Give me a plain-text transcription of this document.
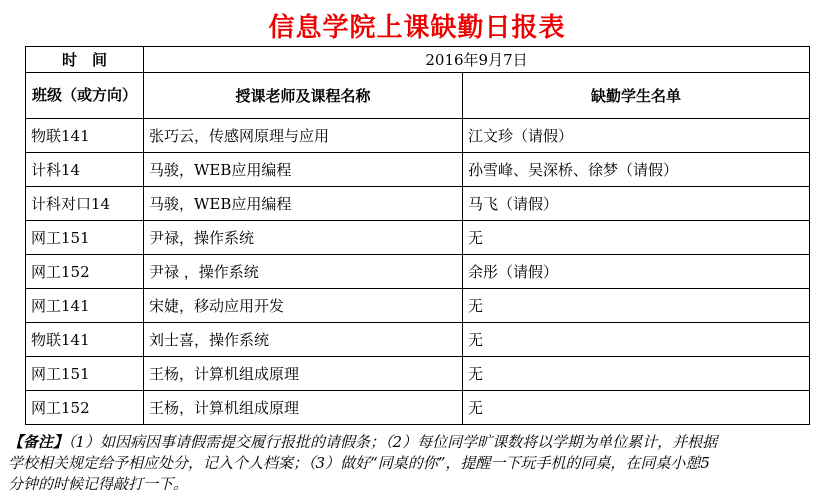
信息学院上课缺勤日报表
时　间	2016年9月7日	
班级（或方向）	授课老师及课程名称	缺勤学生名单
物联141	张巧云，传感网原理与应用	江文珍（请假）
计科14	马骏，WEB应用编程	孙雪峰、吴深桥、徐梦（请假）
计科对口14	马骏，WEB应用编程	马飞（请假）
网工151	尹禄，操作系统	无
网工152	尹禄 ，操作系统	余彤（请假）
网工141	宋婕，移动应用开发	无
物联141	刘士喜，操作系统	无
网工151	王杨，计算机组成原理	无
网工152	王杨，计算机组成原理	无
【备注】（1）如因病因事请假需提交履行报批的请假条；（2）每位同学旷课数将以学期为单位累计，并根据
学校相关规定给予相应处分，记入个人档案；（3）做好“同桌的你”，提醒一下玩手机的同桌，在同桌小憩5
分钟的时候记得敲打一下。
